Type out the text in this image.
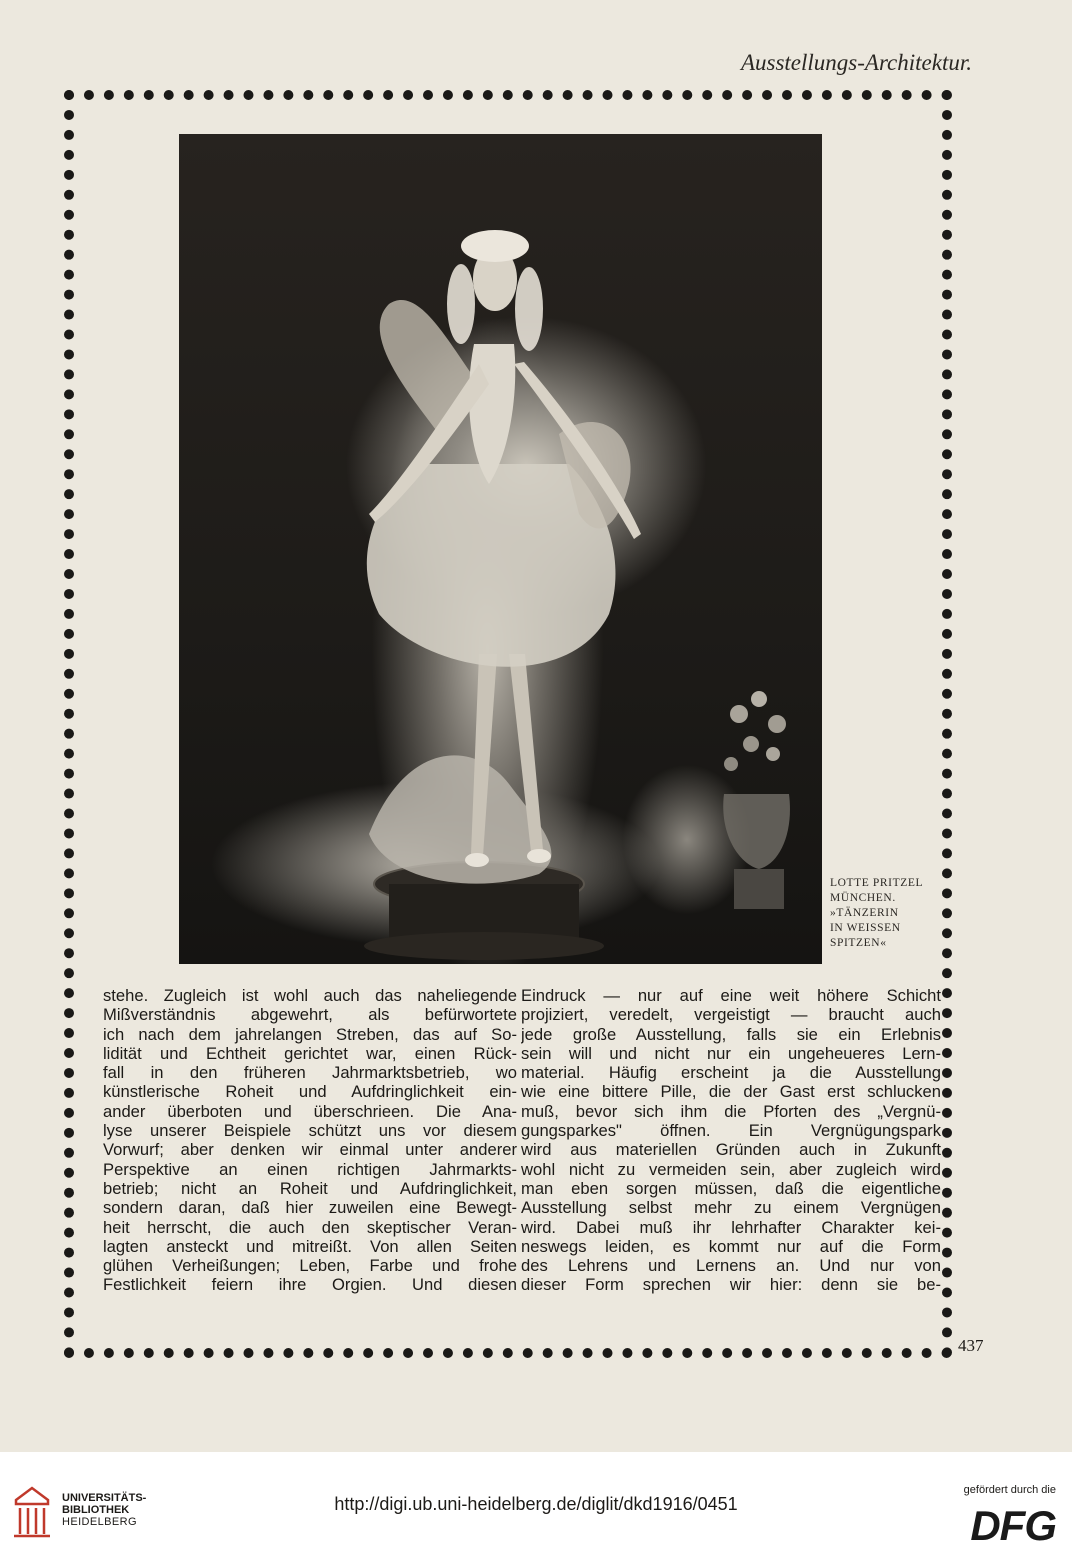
Ausstellungs-Architektur.
LOTTE PRITZEL
MÜNCHEN.
»TÄNZERIN
IN WEISSEN
SPITZEN«
stehe. Zugleich ist wohl auch das naheliegende
Mißverständnis abgewehrt, als befürwortete
ich nach dem jahrelangen Streben, das auf So-
lidität und Echtheit gerichtet war, einen Rück-
fall in den früheren Jahrmarktsbetrieb, wo
künstlerische Roheit und Aufdringlichkeit ein-
ander überboten und überschrieen. Die Ana-
lyse unserer Beispiele schützt uns vor diesem
Vorwurf; aber denken wir einmal unter anderer
Perspektive an einen richtigen Jahrmarkts-
betrieb; nicht an Roheit und Aufdringlichkeit,
sondern daran, daß hier zuweilen eine Bewegt-
heit herrscht, die auch den skeptischer Veran-
lagten ansteckt und mitreißt. Von allen Seiten
glühen Verheißungen; Leben, Farbe und frohe
Festlichkeit feiern ihre Orgien. Und diesen
Eindruck — nur auf eine weit höhere Schicht
projiziert, veredelt, vergeistigt — braucht auch
jede große Ausstellung, falls sie ein Erlebnis
sein will und nicht nur ein ungeheueres Lern-
material. Häufig erscheint ja die Ausstellung
wie eine bittere Pille, die der Gast erst schlucken
muß, bevor sich ihm die Pforten des „Vergnü-
gungsparkes" öffnen. Ein Vergnügungspark
wird aus materiellen Gründen auch in Zukunft
wohl nicht zu vermeiden sein, aber zugleich wird
man eben sorgen müssen, daß die eigentliche
Ausstellung selbst mehr zu einem Vergnügen
wird. Dabei muß ihr lehrhafter Charakter kei-
neswegs leiden, es kommt nur auf die Form
des Lehrens und Lernens an. Und nur von
dieser Form sprechen wir hier: denn sie be-
437
UNIVERSITÄTS-
BIBLIOTHEK
HEIDELBERG
http://digi.ub.uni-heidelberg.de/diglit/dkd1916/0451
gefördert durch die
DFG
